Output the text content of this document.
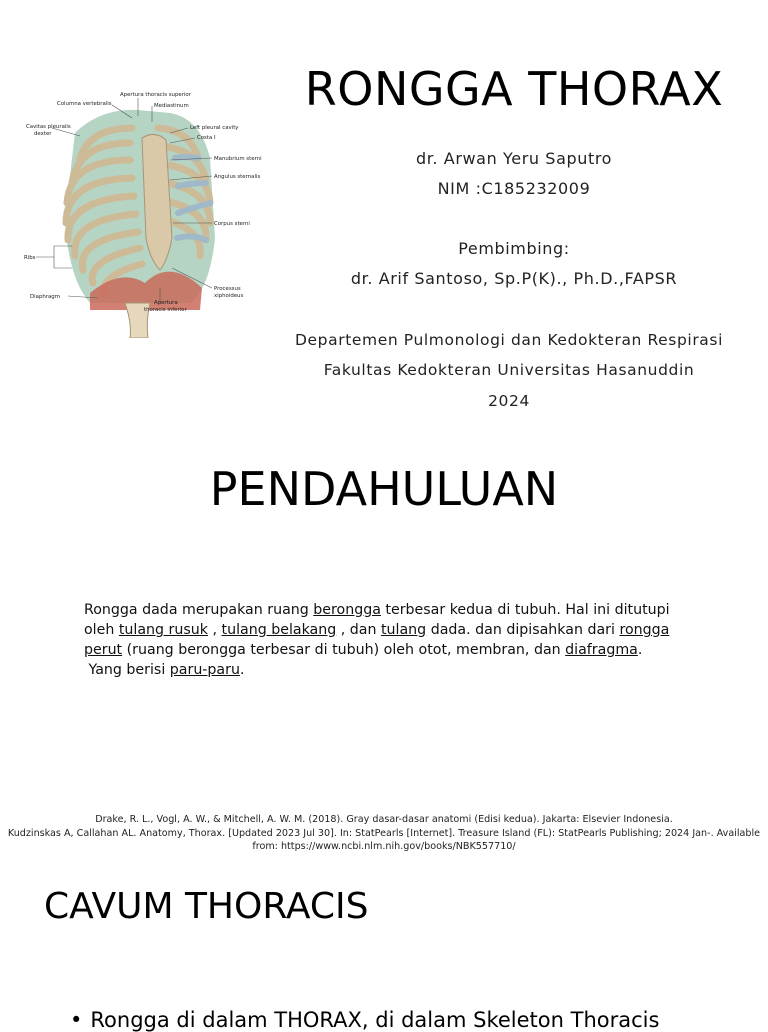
Apertura thoracis superior
Columna vertebralis	Mediastinum
Cavitas pleuralis
dexter
Left pleural cavity
Costa I
Manubrium sterni
Angulus sternalis
Corpus sterni
Ribs
Diaphragm
Processus
xiphoideus
Apertura
thoracis inferior
RONGGA THORAX
dr. Arwan Yeru Saputro
NIM :C185232009
Pembimbing:
dr. Arif Santoso, Sp.P(K)., Ph.D.,FAPSR
Departemen Pulmonologi dan Kedokteran Respirasi
Fakultas Kedokteran Universitas Hasanuddin
2024
PENDAHULUAN
Rongga dada merupakan ruang berongga terbesar kedua di tubuh. Hal ini ditutupi
oleh tulang rusuk , tulang belakang , dan tulang dada. dan dipisahkan dari rongga
perut (ruang berongga terbesar di tubuh) oleh otot, membran, dan diafragma.
Yang berisi paru-paru.
Drake, R. L., Vogl, A. W., & Mitchell, A. W. M. (2018). Gray dasar-dasar anatomi (Edisi kedua). Jakarta: Elsevier Indonesia.
Kudzinskas A, Callahan AL. Anatomy, Thorax. [Updated 2023 Jul 30]. In: StatPearls [Internet]. Treasure Island (FL): StatPearls Publishing; 2024 Jan-. Available
from: https://www.ncbi.nlm.nih.gov/books/NBK557710/
CAVUM THORACIS
• Rongga di dalam THORAX, di dalam Skeleton Thoracis
